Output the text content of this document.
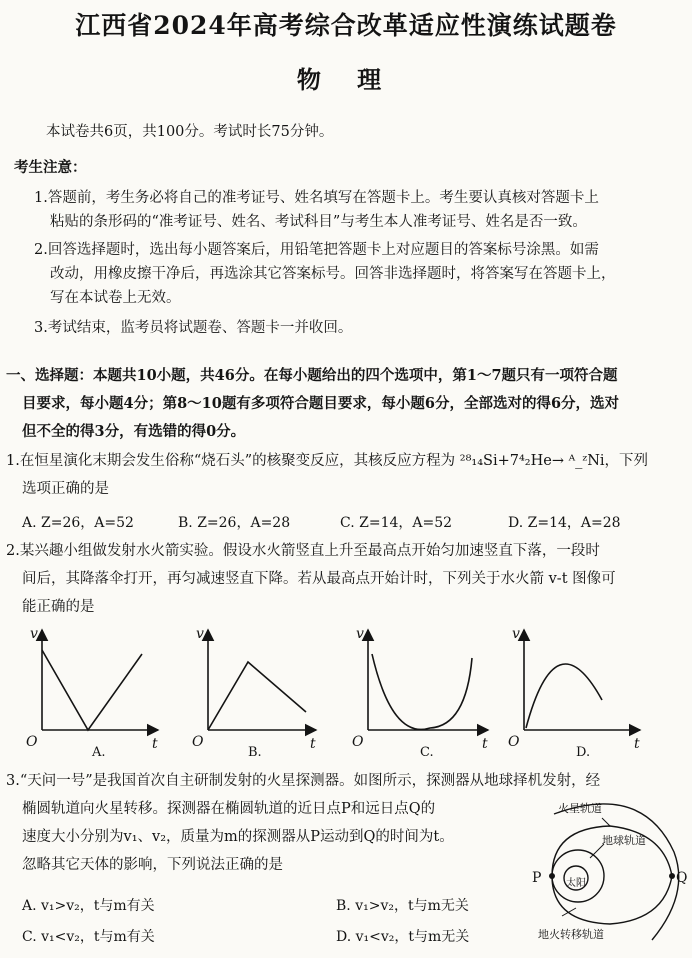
江西省2024年高考综合改革适应性演练试题卷
物 理
本试卷共6页，共100分。考试时长75分钟。
考生注意：
1.答题前，考生务必将自己的准考证号、姓名填写在答题卡上。考生要认真核对答题卡上
粘贴的条形码的“准考证号、姓名、考试科目”与考生本人准考证号、姓名是否一致。
2.回答选择题时，选出每小题答案后，用铅笔把答题卡上对应题目的答案标号涂黑。如需
改动，用橡皮擦干净后，再选涂其它答案标号。回答非选择题时，将答案写在答题卡上，
写在本试卷上无效。
3.考试结束，监考员将试题卷、答题卡一并收回。
一、选择题：本题共10小题，共46分。在每小题给出的四个选项中，第1～7题只有一项符合题
目要求，每小题4分；第8～10题有多项符合题目要求，每小题6分，全部选对的得6分，选对
但不全的得3分，有选错的得0分。
1.在恒星演化末期会发生俗称“烧石头”的核聚变反应，其核反应方程为 ²⁸₁₄Si+7⁴₂He→ ᴬ_ᶻNi，下列
选项正确的是
A. Z=26，A=52	B. Z=26，A=28	C. Z=14，A=52	D. Z=14，A=28
2.某兴趣小组做发射水火箭实验。假设水火箭竖直上升至最高点开始匀加速竖直下落，一段时
间后，其降落伞打开，再匀减速竖直下降。若从最高点开始计时，下列关于水火箭 v-t 图像可
能正确的是
v
t
O
v
t
O
v
t
O
v
t
O
A.	B.	C.	D.
3.“天问一号”是我国首次自主研制发射的火星探测器。如图所示，探测器从地球择机发射，经
椭圆轨道向火星转移。探测器在椭圆轨道的近日点P和远日点Q的
速度大小分别为v₁、v₂，质量为m的探测器从P运动到Q的时间为t。
忽略其它天体的影响，下列说法正确的是
A. v₁>v₂，t与m有关	B. v₁>v₂，t与m无关
C. v₁<v₂，t与m有关	D. v₁<v₂，t与m无关
火星轨道
地球轨道
太阳
P	Q
地火转移轨道
